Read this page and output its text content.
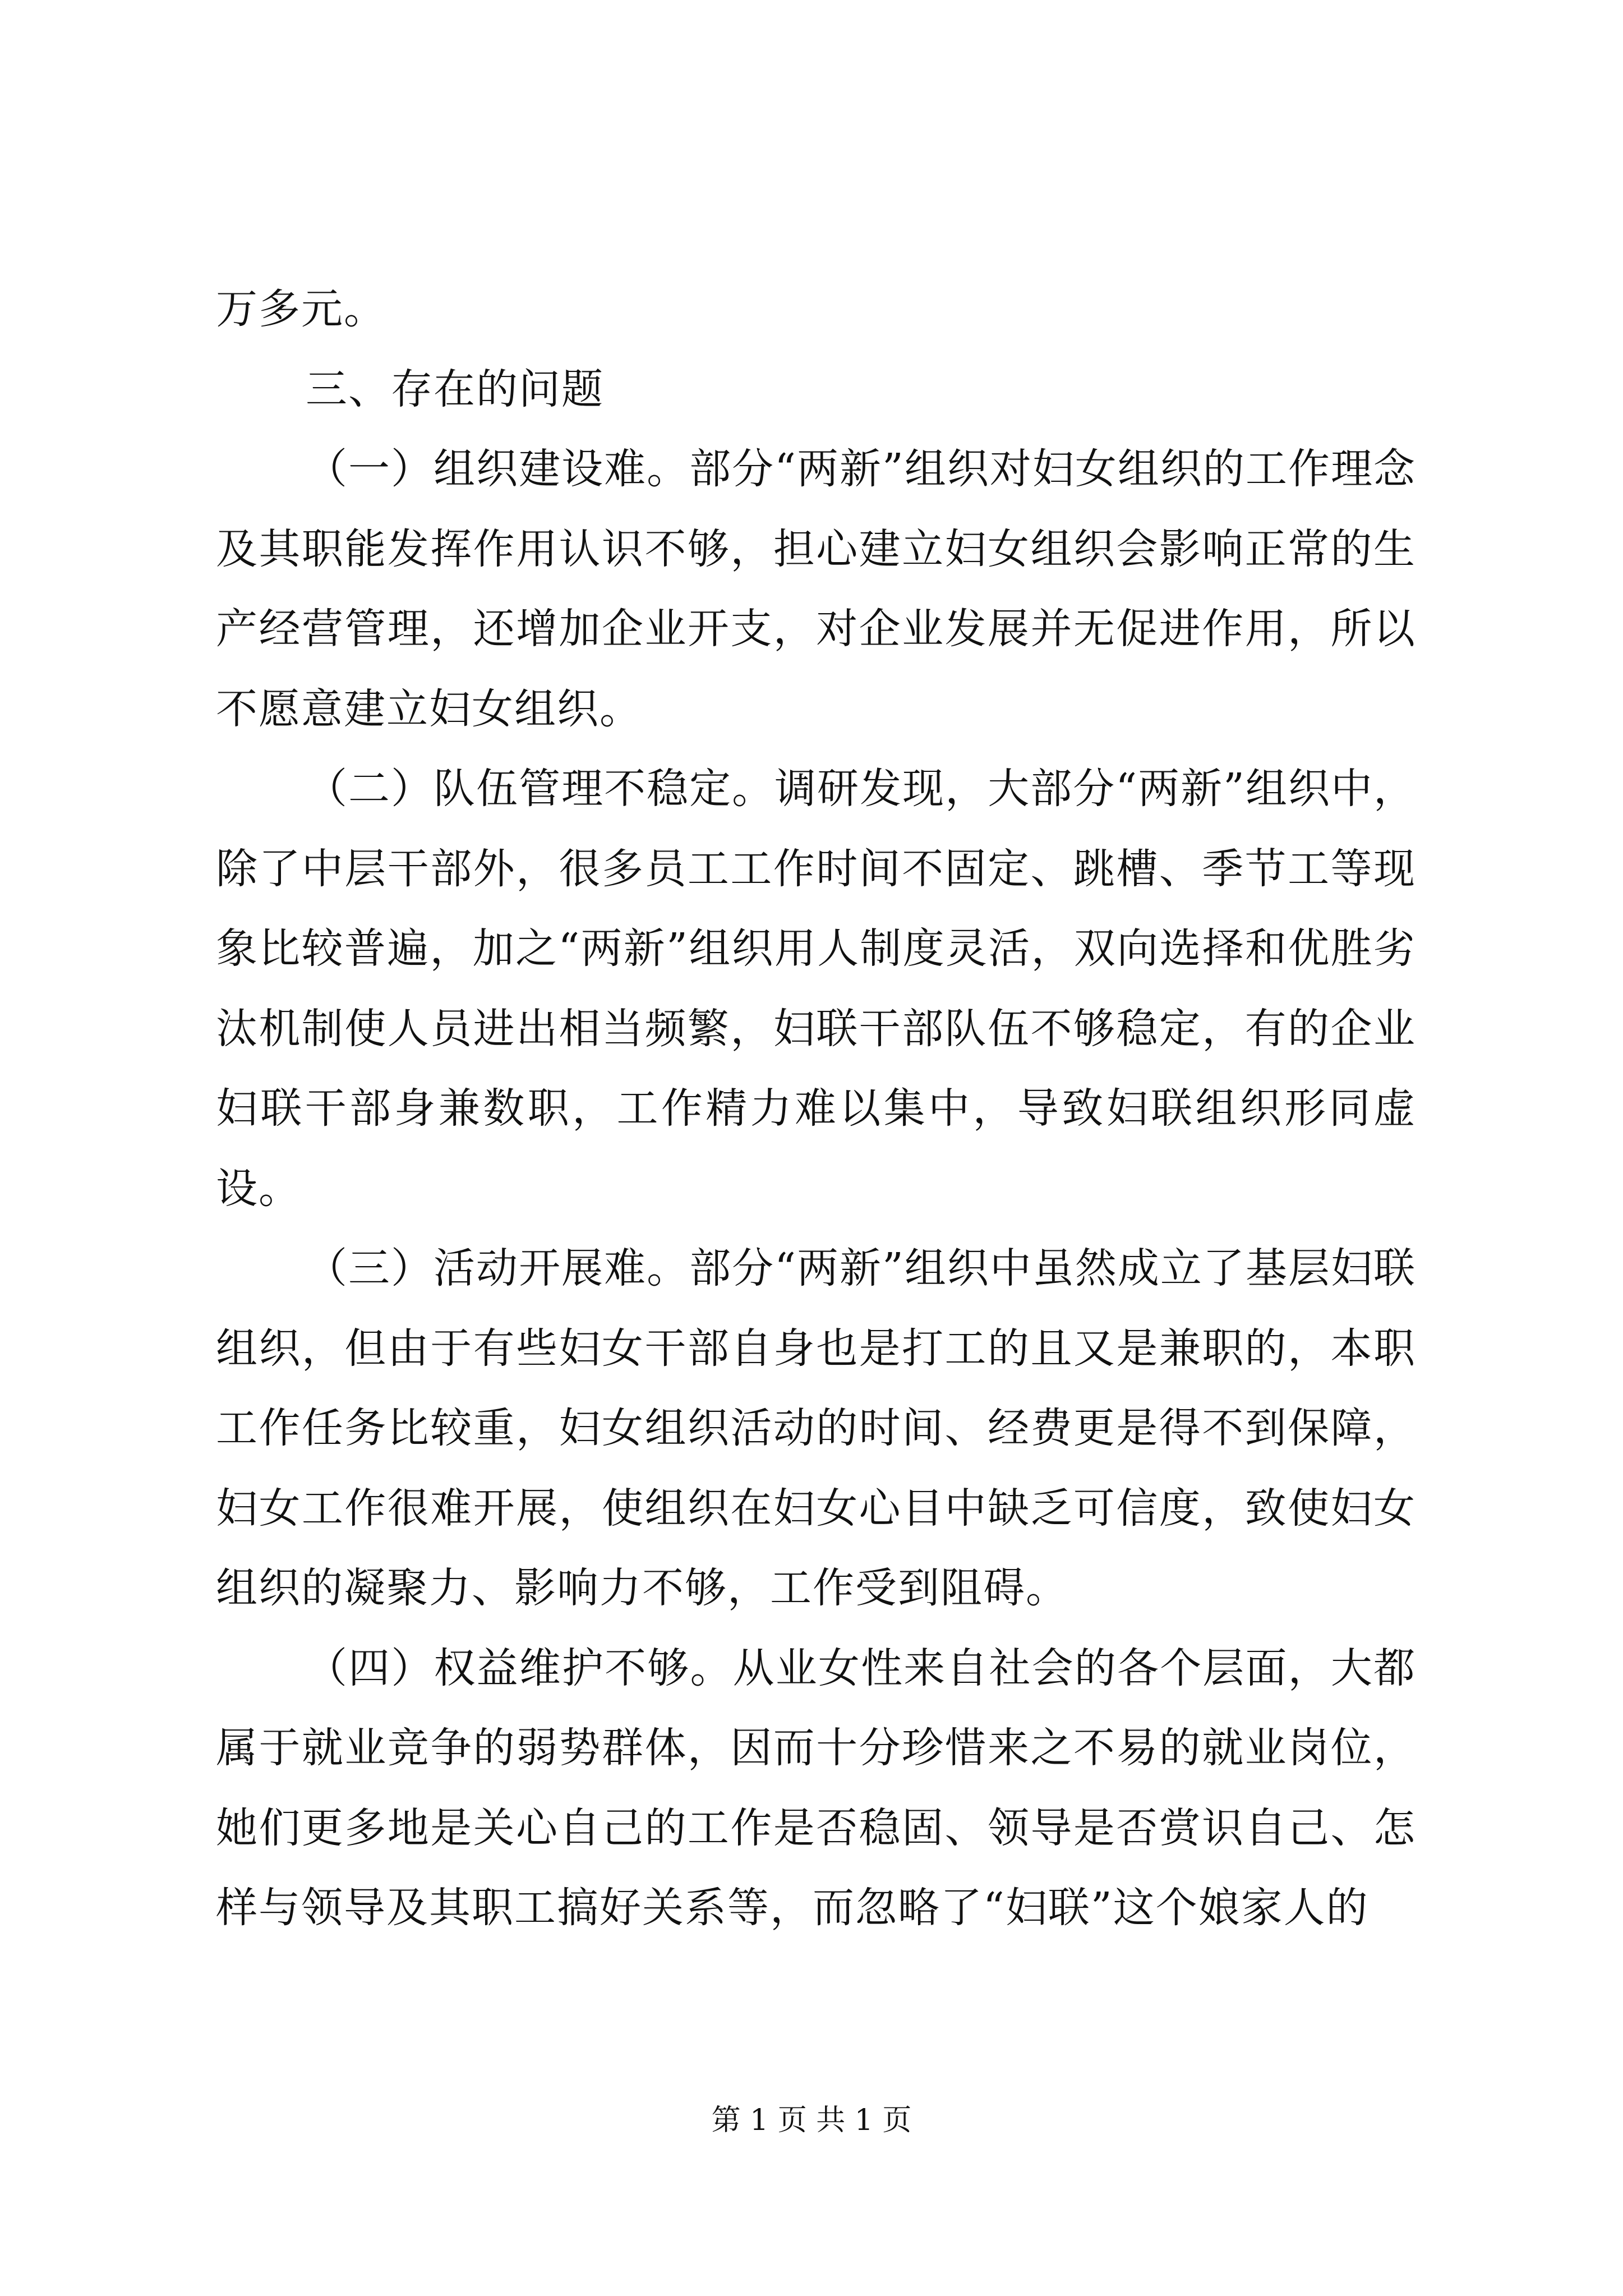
万多元。

三、存在的问题

（一）组织建设难。部分“两新”组织对妇女组织的工作理念及其职能发挥作用认识不够，担心建立妇女组织会影响正常的生产经营管理，还增加企业开支，对企业发展并无促进作用，所以不愿意建立妇女组织。

（二）队伍管理不稳定。调研发现，大部分“两新”组织中，除了中层干部外，很多员工工作时间不固定、跳槽、季节工等现象比较普遍，加之“两新”组织用人制度灵活，双向选择和优胜劣汰机制使人员进出相当频繁，妇联干部队伍不够稳定，有的企业妇联干部身兼数职，工作精力难以集中，导致妇联组织形同虚设。

（三）活动开展难。部分“两新”组织中虽然成立了基层妇联组织，但由于有些妇女干部自身也是打工的且又是兼职的，本职工作任务比较重，妇女组织活动的时间、经费更是得不到保障，妇女工作很难开展，使组织在妇女心目中缺乏可信度，致使妇女组织的凝聚力、影响力不够，工作受到阻碍。

（四）权益维护不够。从业女性来自社会的各个层面，大都属于就业竞争的弱势群体，因而十分珍惜来之不易的就业岗位，她们更多地是关心自己的工作是否稳固、领导是否赏识自己、怎样与领导及其职工搞好关系等，而忽略了“妇联”这个娘家人的

第 1 页 共 1 页
